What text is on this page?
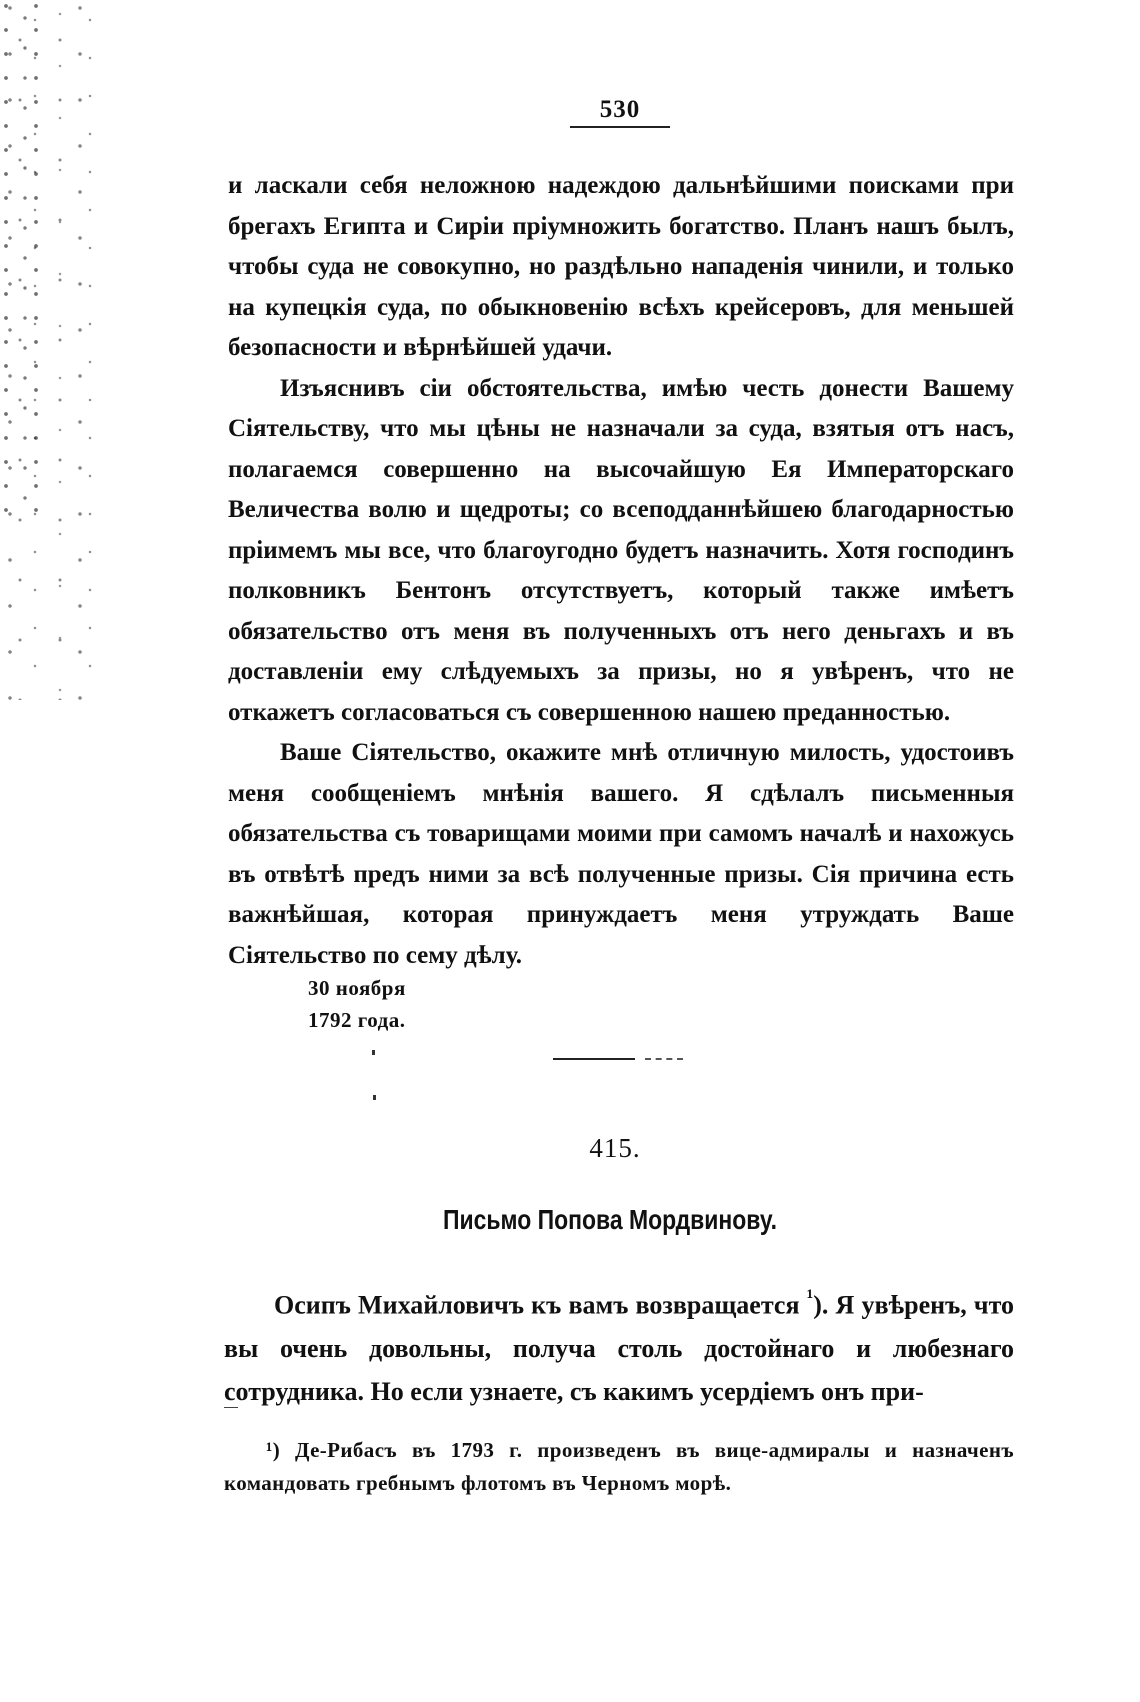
530

и ласкали себя неложною надеждою дальнѣйшими поисками при брегахъ Египта и Сиріи пріумножить богатство. Планъ нашъ былъ, чтобы суда не совокупно, но раздѣльно нападенія чинили, и только на купецкія суда, по обыкновенію всѣхъ крейсеровъ, для меньшей безопасности и вѣрнѣйшей удачи.

Изъяснивъ сіи обстоятельства, имѣю честь донести Вашему Сіятельству, что мы цѣны не назначали за суда, взятыя отъ насъ, полагаемся совершенно на высочайшую Ея Императорскаго Величества волю и щедроты; со всеподданнѣйшею благодарностью пріимемъ мы все, что благоугодно будетъ назначить. Хотя господинъ полковникъ Бентонъ отсутствуетъ, который также имѣетъ обязательство отъ меня въ полученныхъ отъ него деньгахъ и въ доставленіи ему слѣдуемыхъ за призы, но я увѣренъ, что не откажетъ согласоваться съ совершенною нашею преданностью.

Ваше Сіятельство, окажите мнѣ отличную милость, удостоивъ меня сообщеніемъ мнѣнія вашего. Я сдѣлалъ письменныя обязательства съ товарищами моими при самомъ началѣ и нахожусь въ отвѣтѣ предъ ними за всѣ полученные призы. Сія причина есть важнѣйшая, которая принуждаетъ меня утруждать Ваше Сіятельство по сему дѣлу.

30 ноября
1792 года.
415.
Письмо Попова Мордвинову.

Осипъ Михайловичъ къ вамъ возвращается $^{^1}$). Я увѣренъ, что вы очень довольны, получа столь достойнаго и любезнаго сотрудника. Но если узнаете, съ какимъ усердіемъ онъ при-

¹) Де-Рибасъ въ 1793 г. произведенъ въ вице-адмиралы и назначенъ командовать гребнымъ флотомъ въ Черномъ морѣ.
